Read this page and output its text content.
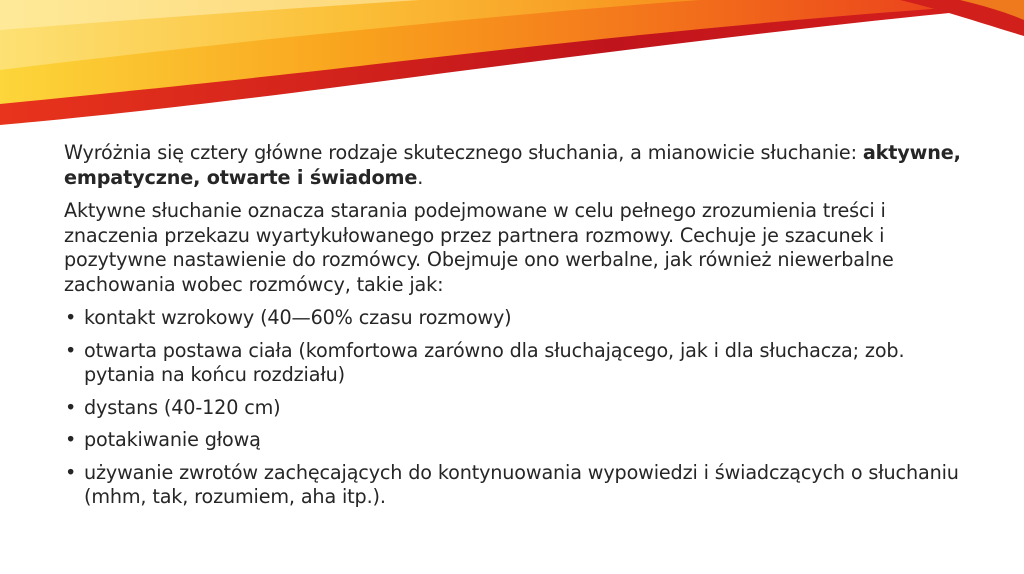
Wyróżnia się cztery główne rodzaje skutecznego słuchania, a mianowicie słuchanie: aktywne, empatyczne, otwarte i świadome.

Aktywne słuchanie oznacza starania podejmowane w celu pełnego zrozumienia treści i znaczenia przekazu wyartykułowanego przez partnera rozmowy. Cechuje je szacunek i pozytywne nastawienie do rozmówcy. Obejmuje ono werbalne, jak również niewerbalne zachowania wobec rozmówcy, takie jak:

• kontakt wzrokowy (40—60% czasu rozmowy)
• otwarta postawa ciała (komfortowa zarówno dla słuchającego, jak i dla słuchacza; zob. pytania na końcu rozdziału)
• dystans (40-120 cm)
• potakiwanie głową
• używanie zwrotów zachęcających do kontynuowania wypowiedzi i świadczących o słuchaniu (mhm, tak, rozumiem, aha itp.).
